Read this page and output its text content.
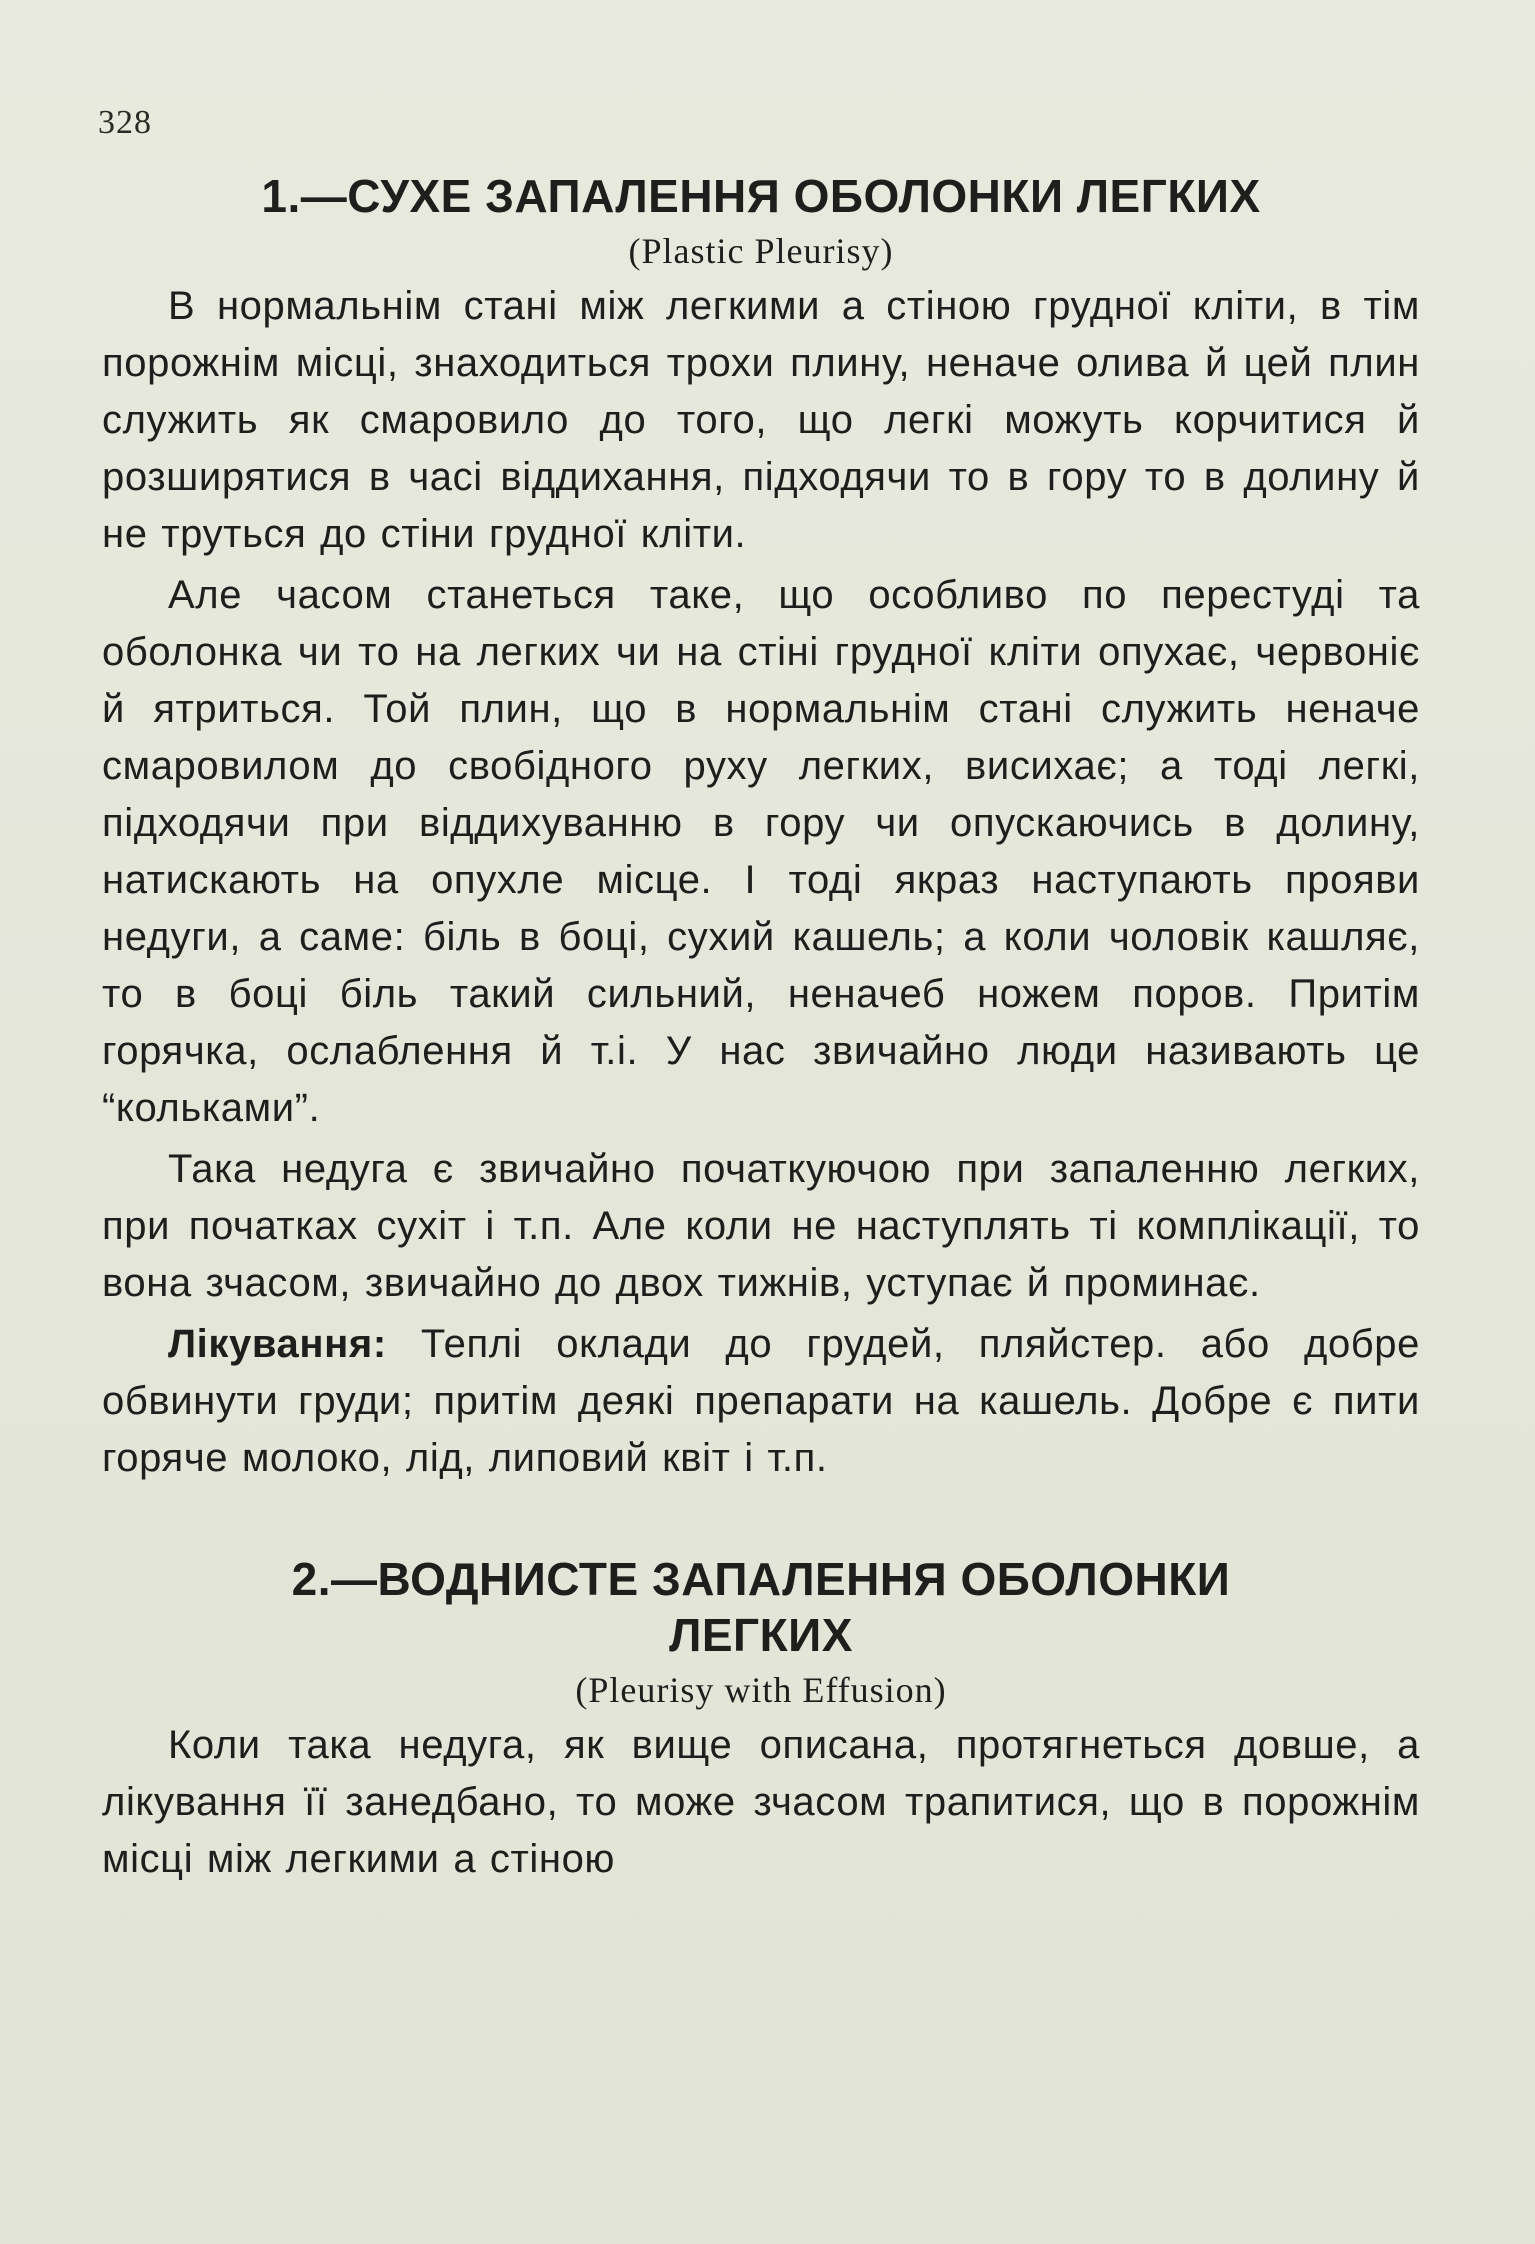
328
1.—СУХЕ ЗАПАЛЕННЯ ОБОЛОНКИ ЛЕГКИХ

(Plastic Pleurisy)

В нормальнім стані між легкими а стіною грудної кліти, в тім порожнім місці, знаходиться трохи плину, неначе олива й цей плин служить як смаровило до того, що легкі можуть корчитися й розширятися в часі віддихання, підходячи то в гору то в долину й не труться до стіни грудної кліти.

Але часом станеться таке, що особливо по перестуді та оболонка чи то на легких чи на стіні грудної кліти опухає, червоніє й ятриться. Той плин, що в нормальнім стані служить неначе смаровилом до свобідного руху легких, висихає; а тоді легкі, підходячи при віддихуванню в гору чи опускаючись в долину, натискають на опухле місце. І тоді якраз наступають прояви недуги, а саме: біль в боці, сухий кашель; а коли чоловік кашляє, то в боці біль такий сильний, неначеб ножем поров. Притім горячка, ослаблення й т.і. У нас звичайно люди називають це “кольками”.

Така недуга є звичайно початкуючою при запаленню легких, при початках сухіт і т.п. Але коли не наступлять ті комплікації, то вона зчасом, звичайно до двох тижнів, уступає й проминає.

Лікування: Теплі оклади до грудей, пляйстер. або добре обвинути груди; притім деякі препарати на кашель. Добре є пити горяче молоко, лід, липовий квіт і т.п.

2.—ВОДНИСТЕ ЗАПАЛЕННЯ ОБОЛОНКИ
ЛЕГКИХ

(Pleurisy with Effusion)

Коли така недуга, як вище описана, протягнеться довше, а лікування її занедбано, то може зчасом трапитися, що в порожнім місці між легкими а стіною
